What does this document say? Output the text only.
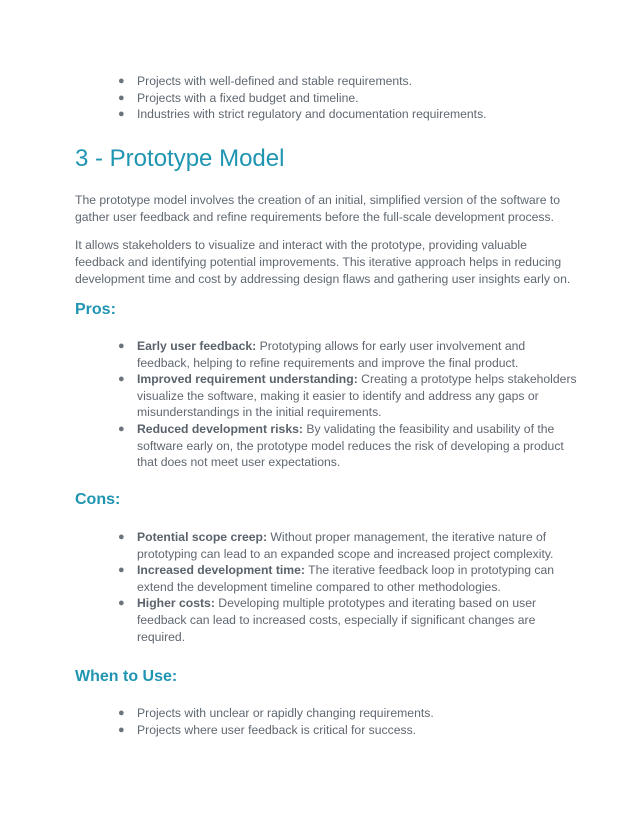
● Projects with well-defined and stable requirements.
● Projects with a fixed budget and timeline.
● Industries with strict regulatory and documentation requirements.
3 - Prototype Model

The prototype model involves the creation of an initial, simplified version of the software to gather user feedback and refine requirements before the full-scale development process.

It allows stakeholders to visualize and interact with the prototype, providing valuable feedback and identifying potential improvements. This iterative approach helps in reducing development time and cost by addressing design flaws and gathering user insights early on.

Pros:
● Early user feedback: Prototyping allows for early user involvement and feedback, helping to refine requirements and improve the final product.
● Improved requirement understanding: Creating a prototype helps stakeholders visualize the software, making it easier to identify and address any gaps or misunderstandings in the initial requirements.
● Reduced development risks: By validating the feasibility and usability of the software early on, the prototype model reduces the risk of developing a product that does not meet user expectations.
Cons:
● Potential scope creep: Without proper management, the iterative nature of prototyping can lead to an expanded scope and increased project complexity.
● Increased development time: The iterative feedback loop in prototyping can extend the development timeline compared to other methodologies.
● Higher costs: Developing multiple prototypes and iterating based on user feedback can lead to increased costs, especially if significant changes are required.
When to Use:
● Projects with unclear or rapidly changing requirements.
● Projects where user feedback is critical for success.
